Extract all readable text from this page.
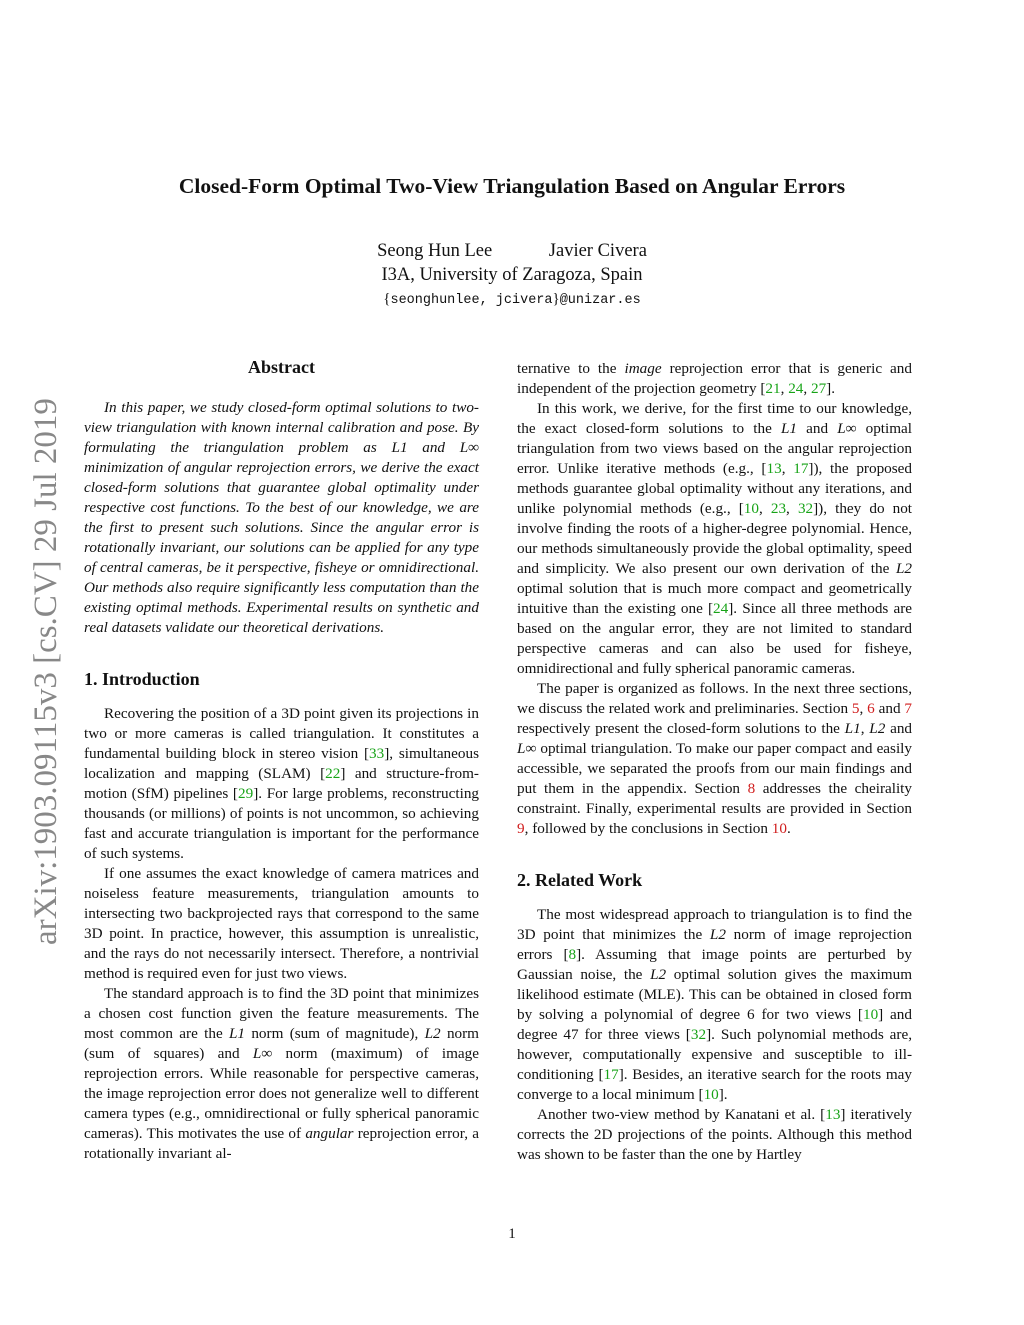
Closed-Form Optimal Two-View Triangulation Based on Angular Errors
Seong Hun Lee	Javier Civera
I3A, University of Zaragoza, Spain
{seonghunlee, jcivera}@unizar.es
arXiv:1903.09115v3 [cs.CV] 29 Jul 2019
Abstract

In this paper, we study closed-form optimal solutions to two-view triangulation with known internal calibration and pose. By formulating the triangulation problem as L1 and L∞ minimization of angular reprojection errors, we derive the exact closed-form solutions that guarantee global optimality under respective cost functions. To the best of our knowledge, we are the first to present such solutions. Since the angular error is rotationally invariant, our solutions can be applied for any type of central cameras, be it perspective, fisheye or omnidirectional. Our methods also require significantly less computation than the existing optimal methods. Experimental results on synthetic and real datasets validate our theoretical derivations.

1. Introduction

Recovering the position of a 3D point given its projections in two or more cameras is called triangulation. It constitutes a fundamental building block in stereo vision [33], simultaneous localization and mapping (SLAM) [22] and structure-from-motion (SfM) pipelines [29]. For large problems, reconstructing thousands (or millions) of points is not uncommon, so achieving fast and accurate triangulation is important for the performance of such systems.

If one assumes the exact knowledge of camera matrices and noiseless feature measurements, triangulation amounts to intersecting two backprojected rays that correspond to the same 3D point. In practice, however, this assumption is unrealistic, and the rays do not necessarily intersect. Therefore, a nontrivial method is required even for just two views.

The standard approach is to find the 3D point that minimizes a chosen cost function given the feature measurements. The most common are the L1 norm (sum of magnitude), L2 norm (sum of squares) and L∞ norm (maximum) of image reprojection errors. While reasonable for perspective cameras, the image reprojection error does not generalize well to different camera types (e.g., omnidirectional or fully spherical panoramic cameras). This motivates the use of angular reprojection error, a rotationally invariant al-

ternative to the image reprojection error that is generic and independent of the projection geometry [21, 24, 27].

In this work, we derive, for the first time to our knowledge, the exact closed-form solutions to the L1 and L∞ optimal triangulation from two views based on the angular reprojection error. Unlike iterative methods (e.g., [13, 17]), the proposed methods guarantee global optimality without any iterations, and unlike polynomial methods (e.g., [10, 23, 32]), they do not involve finding the roots of a higher-degree polynomial. Hence, our methods simultaneously provide the global optimality, speed and simplicity. We also present our own derivation of the L2 optimal solution that is much more compact and geometrically intuitive than the existing one [24]. Since all three methods are based on the angular error, they are not limited to standard perspective cameras and can also be used for fisheye, omnidirectional and fully spherical panoramic cameras.

The paper is organized as follows. In the next three sections, we discuss the related work and preliminaries. Section 5, 6 and 7 respectively present the closed-form solutions to the L1, L2 and L∞ optimal triangulation. To make our paper compact and easily accessible, we separated the proofs from our main findings and put them in the appendix. Section 8 addresses the cheirality constraint. Finally, experimental results are provided in Section 9, followed by the conclusions in Section 10.

2. Related Work

The most widespread approach to triangulation is to find the 3D point that minimizes the L2 norm of image reprojection errors [8]. Assuming that image points are perturbed by Gaussian noise, the L2 optimal solution gives the maximum likelihood estimate (MLE). This can be obtained in closed form by solving a polynomial of degree 6 for two views [10] and degree 47 for three views [32]. Such polynomial methods are, however, computationally expensive and susceptible to ill-conditioning [17]. Besides, an iterative search for the roots may converge to a local minimum [10].

Another two-view method by Kanatani et al. [13] iteratively corrects the 2D projections of the points. Although this method was shown to be faster than the one by Hartley

1
